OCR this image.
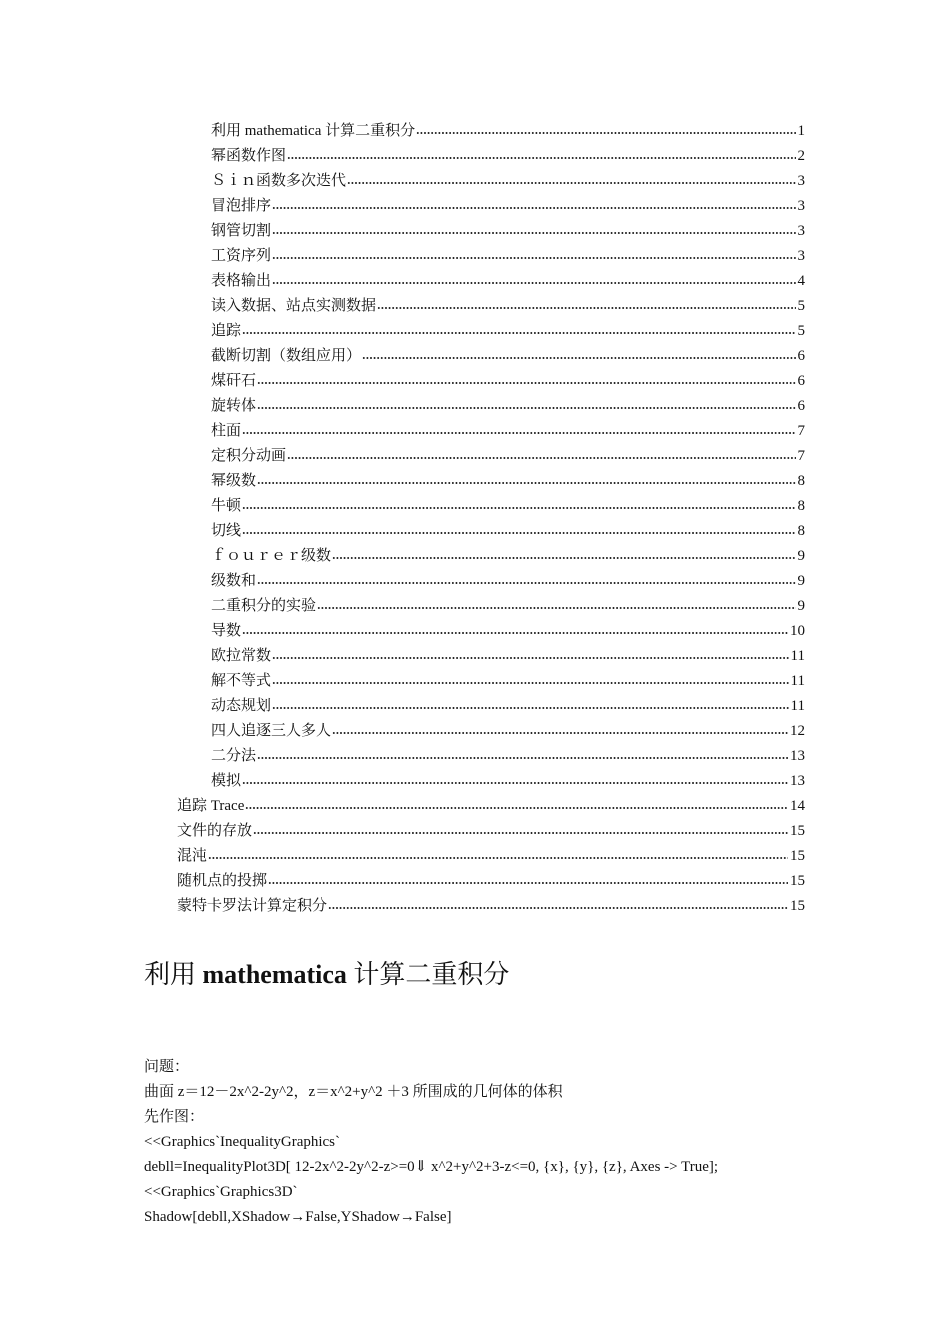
利用 mathematica 计算二重积分	1
幂函数作图	2
Ｓｉｎ函数多次迭代	3
冒泡排序	3
钢管切割	3
工资序列	3
表格输出	4
读入数据、站点实测数据	5
追踪	5
截断切割（数组应用）	6
煤矸石	6
旋转体	6
柱面	7
定积分动画	7
幂级数	8
牛顿	8
切线	8
ｆｏｕｒｅｒ级数	9
级数和	9
二重积分的实验	9
导数	10
欧拉常数	11
解不等式	11
动态规划	11
四人追逐三人多人	12
二分法	13
模拟	13
追踪 Trace	14
文件的存放	15
混沌	15
随机点的投掷	15
蒙特卡罗法计算定积分	15
利用 mathematica 计算二重积分
问题：
曲面 z＝12－2x^2-2y^2，z＝x^2+y^2 ＋3 所围成的几何体的体积
先作图：
<<Graphics`InequalityGraphics`
debll=InequalityPlot3D[ 12-2x^2-2y^2-z>=0⇓ x^2+y^2+3-z<=0, {x}, {y}, {z}, Axes -> True];
<<Graphics`Graphics3D`
Shadow[debll,XShadow→False,YShadow→False]
